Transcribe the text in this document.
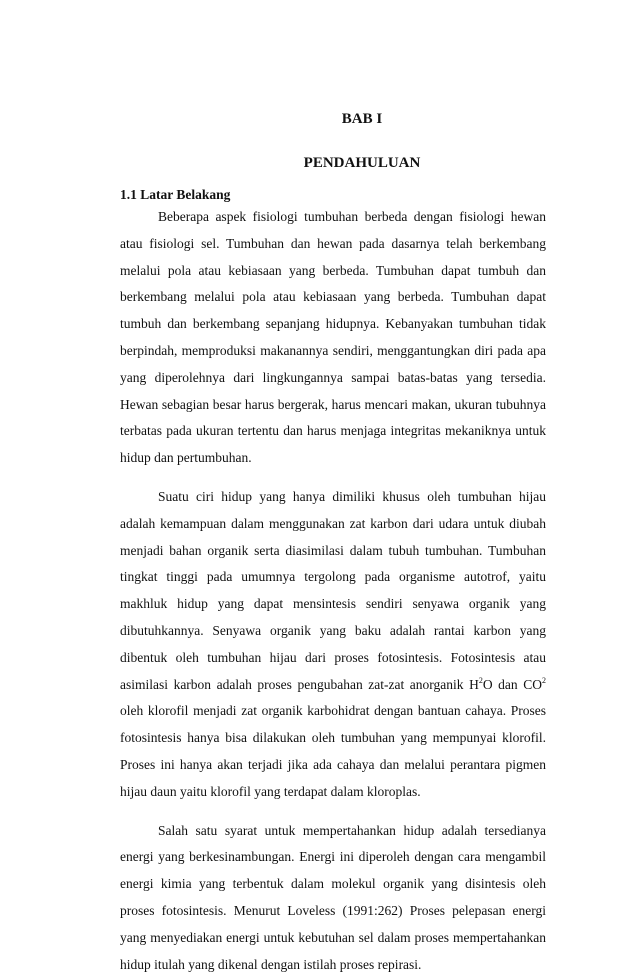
BAB I
PENDAHULUAN
1.1 Latar Belakang

Beberapa aspek fisiologi tumbuhan berbeda dengan fisiologi hewan atau fisiologi sel. Tumbuhan dan hewan pada dasarnya telah berkembang melalui pola atau kebiasaan yang berbeda. Tumbuhan dapat tumbuh dan berkembang melalui pola atau kebiasaan yang berbeda. Tumbuhan dapat tumbuh dan berkembang sepanjang hidupnya. Kebanyakan tumbuhan tidak berpindah, memproduksi makanannya sendiri, menggantungkan diri pada apa yang diperolehnya dari lingkungannya sampai batas-batas yang tersedia. Hewan sebagian besar harus bergerak, harus mencari makan, ukuran tubuhnya terbatas pada ukuran tertentu dan harus menjaga integritas mekaniknya untuk hidup dan pertumbuhan.

Suatu ciri hidup yang hanya dimiliki khusus oleh tumbuhan hijau adalah kemampuan dalam menggunakan zat karbon dari udara untuk diubah menjadi bahan organik serta diasimilasi dalam tubuh tumbuhan. Tumbuhan tingkat tinggi pada umumnya tergolong pada organisme autotrof, yaitu makhluk hidup yang dapat mensintesis sendiri senyawa organik yang dibutuhkannya. Senyawa organik yang baku adalah rantai karbon yang dibentuk oleh tumbuhan hijau dari proses fotosintesis. Fotosintesis atau asimilasi karbon adalah proses pengubahan zat-zat anorganik $H^2O$ dan $CO^2$ oleh klorofil menjadi zat organik karbohidrat dengan bantuan cahaya. Proses fotosintesis hanya bisa dilakukan oleh tumbuhan yang mempunyai klorofil. Proses ini hanya akan terjadi jika ada cahaya dan melalui perantara pigmen hijau daun yaitu klorofil yang terdapat dalam kloroplas.

Salah satu syarat untuk mempertahankan hidup adalah tersedianya energi yang berkesinambungan. Energi ini diperoleh dengan cara mengambil energi kimia yang terbentuk dalam molekul organik yang disintesis oleh proses fotosintesis. Menurut Loveless (1991:262) Proses pelepasan energi yang menyediakan energi untuk kebutuhan sel dalam proses mempertahankan hidup itulah yang dikenal dengan istilah proses repirasi.
